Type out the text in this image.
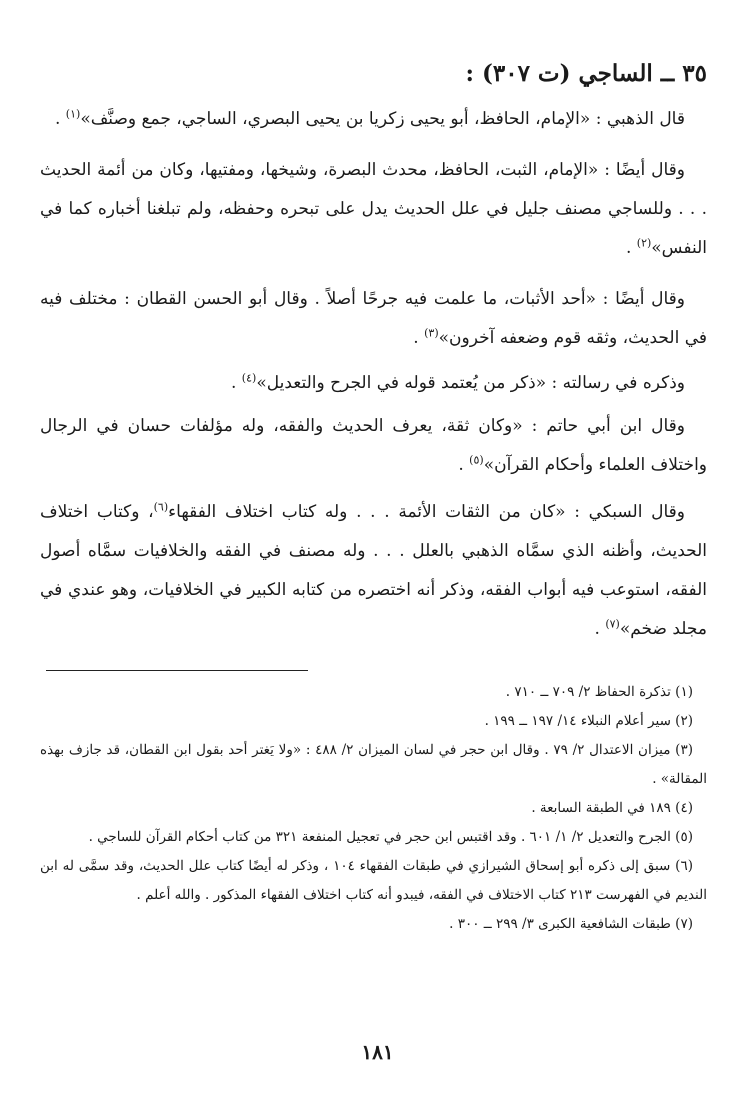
٣٥ ــ الساجي (ت ٣٠٧) :

قال الذهبي : «الإمام، الحافظ، أبو يحيى زكريا بن يحيى البصري، الساجي، جمع وصنَّف»$^{(١)}$ .

وقال أيضًا : «الإمام، الثبت، الحافظ، محدث البصرة، وشيخها، ومفتيها، وكان من أئمة الحديث . . . وللساجي مصنف جليل في علل الحديث يدل على تبحره وحفظه، ولم تبلغنا أخباره كما في النفس»$^{(٢)}$ .

وقال أيضًا : «أحد الأثبات، ما علمت فيه جرحًا أصلاً . وقال أبو الحسن القطان : مختلف فيه في الحديث، وثقه قوم وضعفه آخرون»$^{(٣)}$ .

وذكره في رسالته : «ذكر من يُعتمد قوله في الجرح والتعديل»$^{(٤)}$ .

وقال ابن أبي حاتم : «وكان ثقة، يعرف الحديث والفقه، وله مؤلفات حسان في الرجال واختلاف العلماء وأحكام القرآن»$^{(٥)}$ .

وقال السبكي : «كان من الثقات الأئمة . . . وله كتاب اختلاف الفقهاء$^{(٦)}$، وكتاب اختلاف الحديث، وأظنه الذي سمَّاه الذهبي بالعلل . . . وله مصنف في الفقه والخلافيات سمَّاه أصول الفقه، استوعب فيه أبواب الفقه، وذكر أنه اختصره من كتابه الكبير في الخلافيات، وهو عندي في مجلد ضخم»$^{(٧)}$ .

(١) تذكرة الحفاظ ٢/ ٧٠٩ ــ ٧١٠ .

(٢) سير أعلام النبلاء ١٤/ ١٩٧ ــ ١٩٩ .

(٣) ميزان الاعتدال ٢/ ٧٩ . وقال ابن حجر في لسان الميزان ٢/ ٤٨٨ : «ولا يَغتر أحد بقول ابن القطان، قد جازف بهذه المقالة» .

(٤) ١٨٩ في الطبقة السابعة .

(٥) الجرح والتعديل ٢/ ١/ ٦٠١ . وقد اقتبس ابن حجر في تعجيل المنفعة ٣٢١ من كتاب أحكام القرآن للساجي .

(٦) سبق إلى ذكره أبو إسحاق الشيرازي في طبقات الفقهاء ١٠٤ ، وذكر له أيضًا كتاب علل الحديث، وقد سمَّى له ابن النديم في الفهرست ٢١٣ كتاب الاختلاف في الفقه، فيبدو أنه كتاب اختلاف الفقهاء المذكور . والله أعلم .

(٧) طبقات الشافعية الكبرى ٣/ ٢٩٩ ــ ٣٠٠ .

١٨١
